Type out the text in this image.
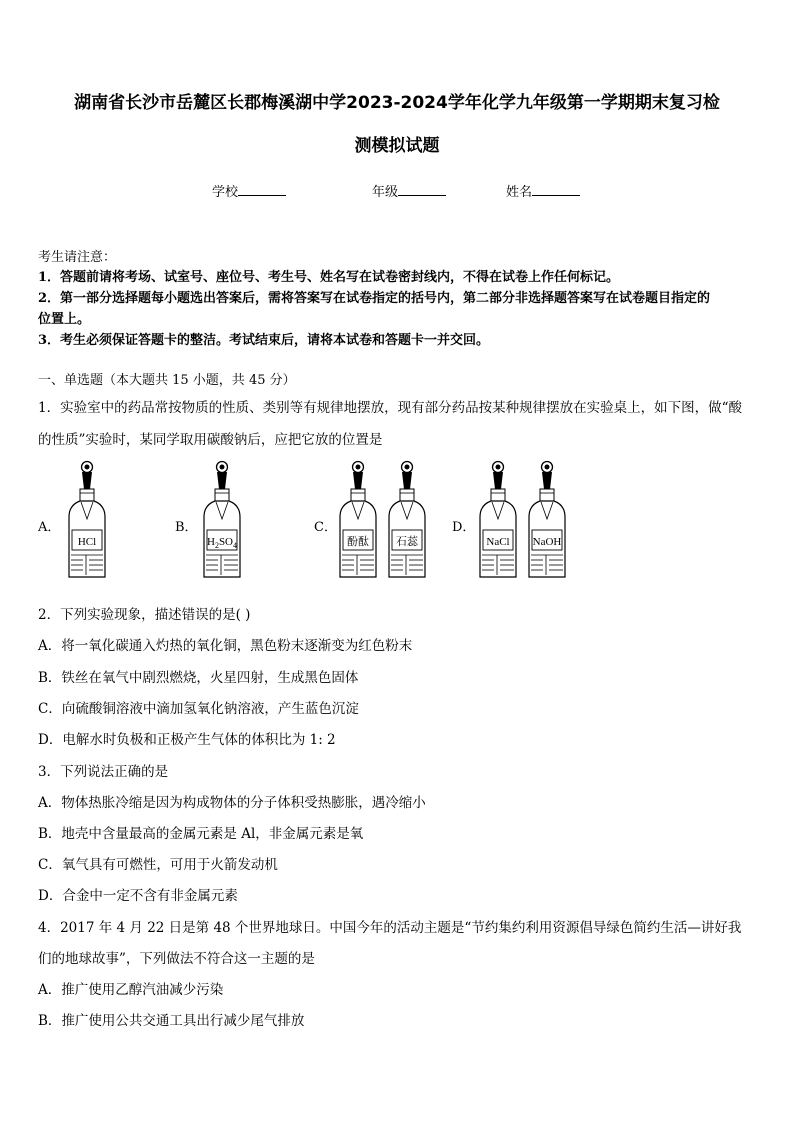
湖南省长沙市岳麓区长郡梅溪湖中学2023-2024学年化学九年级第一学期期末复习检
测模拟试题
学校	年级	姓名
考生请注意：
1．答题前请将考场、试室号、座位号、考生号、姓名写在试卷密封线内，不得在试卷上作任何标记。
2．第一部分选择题每小题选出答案后，需将答案写在试卷指定的括号内，第二部分非选择题答案写在试卷题目指定的
位置上。
3．考生必须保证答题卡的整洁。考试结束后，请将本试卷和答题卡一并交回。
一、单选题（本大题共 15 小题，共 45 分）
1．实验室中的药品常按物质的性质、类别等有规律地摆放，现有部分药品按某种规律摆放在实验桌上，如下图，做“酸
的性质”实验时，某同学取用碳酸钠后，应把它放的位置是
A．	B．	C．	D．
HCl	$H_2SO_4$	酚酞 石蕊	NaCl NaOH
2．下列实验现象，描述错误的是( )
A．将一氧化碳通入灼热的氧化铜，黑色粉末逐渐变为红色粉末
B．铁丝在氧气中剧烈燃烧，火星四射，生成黑色固体
C．向硫酸铜溶液中滴加氢氧化钠溶液，产生蓝色沉淀
D．电解水时负极和正极产生气体的体积比为 1: 2
3．下列说法正确的是
A．物体热胀冷缩是因为构成物体的分子体积受热膨胀，遇冷缩小
B．地壳中含量最高的金属元素是 Al，非金属元素是氧
C．氧气具有可燃性，可用于火箭发动机
D．合金中一定不含有非金属元素
4．2017 年 4 月 22 日是第 48 个世界地球日。中国今年的活动主题是“节约集约利用资源倡导绿色简约生活—讲好我
们的地球故事”，下列做法不符合这一主题的是
A．推广使用乙醇汽油减少污染
B．推广使用公共交通工具出行减少尾气排放
